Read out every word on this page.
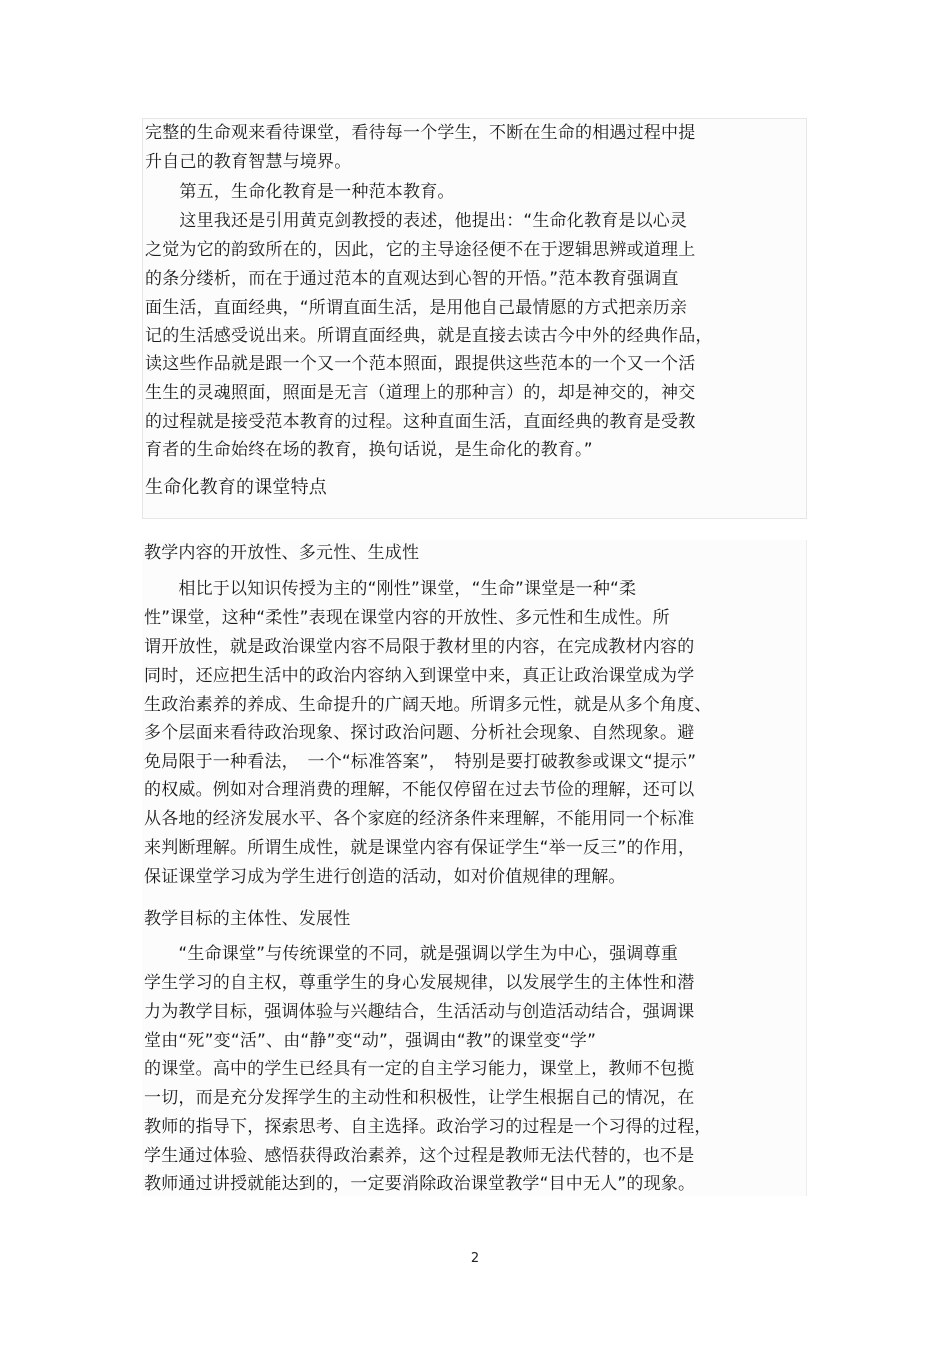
完整的生命观来看待课堂，看待每一个学生，不断在生命的相遇过程中提
升自己的教育智慧与境界。
　　第五，生命化教育是一种范本教育。
　　这里我还是引用黄克剑教授的表述，他提出：“生命化教育是以心灵
之觉为它的韵致所在的，因此，它的主导途径便不在于逻辑思辨或道理上
的条分缕析，而在于通过范本的直观达到心智的开悟。”范本教育强调直
面生活，直面经典，“所谓直面生活，是用他自己最情愿的方式把亲历亲
记的生活感受说出来。所谓直面经典，就是直接去读古今中外的经典作品，
读这些作品就是跟一个又一个范本照面，跟提供这些范本的一个又一个活
生生的灵魂照面，照面是无言（道理上的那种言）的，却是神交的，神交
的过程就是接受范本教育的过程。这种直面生活，直面经典的教育是受教
育者的生命始终在场的教育，换句话说，是生命化的教育。”
生命化教育的课堂特点
教学内容的开放性、多元性、生成性
　　相比于以知识传授为主的“刚性”课堂，“生命”课堂是一种“柔
性”课堂，这种“柔性”表现在课堂内容的开放性、多元性和生成性。所
谓开放性，就是政治课堂内容不局限于教材里的内容，在完成教材内容的
同时，还应把生活中的政治内容纳入到课堂中来，真正让政治课堂成为学
生政治素养的养成、生命提升的广阔天地。所谓多元性，就是从多个角度、
多个层面来看待政治现象、探讨政治问题、分析社会现象、自然现象。避
免局限于一种看法，　一个“标准答案”，　特别是要打破教参或课文“提示”
的权威。例如对合理消费的理解，不能仅停留在过去节俭的理解，还可以
从各地的经济发展水平、各个家庭的经济条件来理解，不能用同一个标准
来判断理解。所谓生成性，就是课堂内容有保证学生“举一反三”的作用，
保证课堂学习成为学生进行创造的活动，如对价值规律的理解。
教学目标的主体性、发展性
　　“生命课堂”与传统课堂的不同，就是强调以学生为中心，强调尊重
学生学习的自主权，尊重学生的身心发展规律，以发展学生的主体性和潜
力为教学目标，强调体验与兴趣结合，生活活动与创造活动结合，强调课
堂由“死”变“活”、由“静”变“动”，强调由“教”的课堂变“学”
的课堂。高中的学生已经具有一定的自主学习能力，课堂上，教师不包揽
一切，而是充分发挥学生的主动性和积极性，让学生根据自己的情况，在
教师的指导下，探索思考、自主选择。政治学习的过程是一个习得的过程，
学生通过体验、感悟获得政治素养，这个过程是教师无法代替的，也不是
教师通过讲授就能达到的，一定要消除政治课堂教学“目中无人”的现象。
2
